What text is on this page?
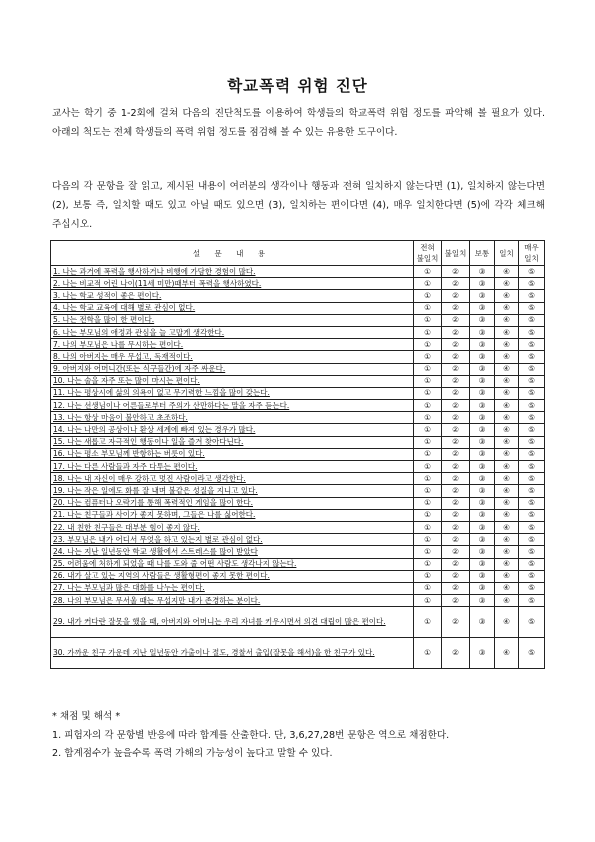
학교폭력 위험 진단
교사는 학기 중 1-2회에 걸쳐 다음의 진단척도를 이용하여 학생들의 학교폭력 위험 정도를 파악해 볼 필요가 있다. 아래의 척도는 전체 학생들의 폭력 위험 정도를 점검해 볼 수 있는 유용한 도구이다.
다음의 각 문항을 잘 읽고, 제시된 내용이 여러분의 생각이나 행동과 전혀 일치하지 않는다면 (1), 일치하지 않는다면 (2), 보통 즉, 일치할 때도 있고 아닐 때도 있으면 (3), 일치하는 편이다면 (4), 매우 일치한다면 (5)에 각각 체크해 주십시오.
설 문 내 용	전혀 불일치	불일치	보통	일치	매우 일치
1. 나는 과거에 폭력을 행사하거나 비행에 가담한 경험이 많다.	①	②	③	④	⑤
2. 나는 비교적 어린 나이(11세 미만)때부터 폭력을 행사하였다.	①	②	③	④	⑤
3. 나는 학교 성적이 좋은 편이다.	①	②	③	④	⑤
4. 나는 학교 교육에 대해 별로 관심이 없다.	①	②	③	④	⑤
5. 나는 전학을 많이 한 편이다.	①	②	③	④	⑤
6. 나는 부모님의 애정과 관심을 늘 고맙게 생각한다.	①	②	③	④	⑤
7. 나의 부모님은 나를 무시하는 편이다.	①	②	③	④	⑤
8. 나의 아버지는 매우 무섭고, 독재적이다.	①	②	③	④	⑤
9. 아버지와 어머니간(또는 식구들간)에 자주 싸운다.	①	②	③	④	⑤
10. 나는 술을 자주 또는 많이 마시는 편이다.	①	②	③	④	⑤
11. 나는 평상시에 삶의 의욕이 없고 무기력한 느낌을 많이 갖는다.	①	②	③	④	⑤
12. 나는 선생님이나 어른들로부터 주의가 산만하다는 말을 자주 듣는다.	①	②	③	④	⑤
13. 나는 항상 마음이 불안하고 초조하다.	①	②	③	④	⑤
14. 나는 나만의 공상이나 환상 세계에 빠져 있는 경우가 많다.	①	②	③	④	⑤
15. 나는 새롭고 자극적인 행동이나 일을 즐겨 찾아다닌다.	①	②	③	④	⑤
16. 나는 평소 부모님께 반항하는 버릇이 있다.	①	②	③	④	⑤
17. 나는 다른 사람들과 자주 다투는 편이다.	①	②	③	④	⑤
18. 나는 내 자신이 매우 강하고 멋진 사람이라고 생각한다.	①	②	③	④	⑤
19. 나는 작은 일에도 화를 잘 내며 불같은 성질을 지니고 있다.	①	②	③	④	⑤
20. 나는 컴퓨터나 오락기를 통해 폭력적인 게임을 많이 한다.	①	②	③	④	⑤
21. 나는 친구들과 사이가 좋지 못하며, 그들은 나를 싫어한다.	①	②	③	④	⑤
22. 내 친한 친구들은 대부분 힘이 좋지 않다.	①	②	③	④	⑤
23. 부모님은 내가 어디서 무엇을 하고 있는지 별로 관심이 없다.	①	②	③	④	⑤
24. 나는 지난 일년동안 학교 생활에서 스트레스를 많이 받았다	①	②	③	④	⑤
25. 어려움에 처하게 되었을 때 나를 도와 줄 어떤 사람도 생각나지 않는다.	①	②	③	④	⑤
26. 내가 살고 있는 지역의 사람들은 생활형편이 좋지 못한 편이다.	①	②	③	④	⑤
27. 나는 부모님과 많은 대화를 나누는 편이다.	①	②	③	④	⑤
28. 나의 부모님은 무서울 때는 무섭지만 내가 존경하는 분이다.	①	②	③	④	⑤
29. 내가 커다란 잘못을 했을 때, 아버지와 어머니는 우리 자녀를 키우시면서 의견 대립이 많은 편이다.	①	②	③	④	⑤
30. 가까운 친구 가운데 지난 일년동안 가출이나 절도, 경찰서 출입(잘못을 해서)을 한 친구가 있다.	①	②	③	④	⑤
* 채점 및 해석 *
1. 피험자의 각 문항별 반응에 따라 합계를 산출한다. 단, 3,6,27,28번 문항은 역으로 채점한다.
2. 합계점수가 높을수록 폭력 가해의 가능성이 높다고 말할 수 있다.
